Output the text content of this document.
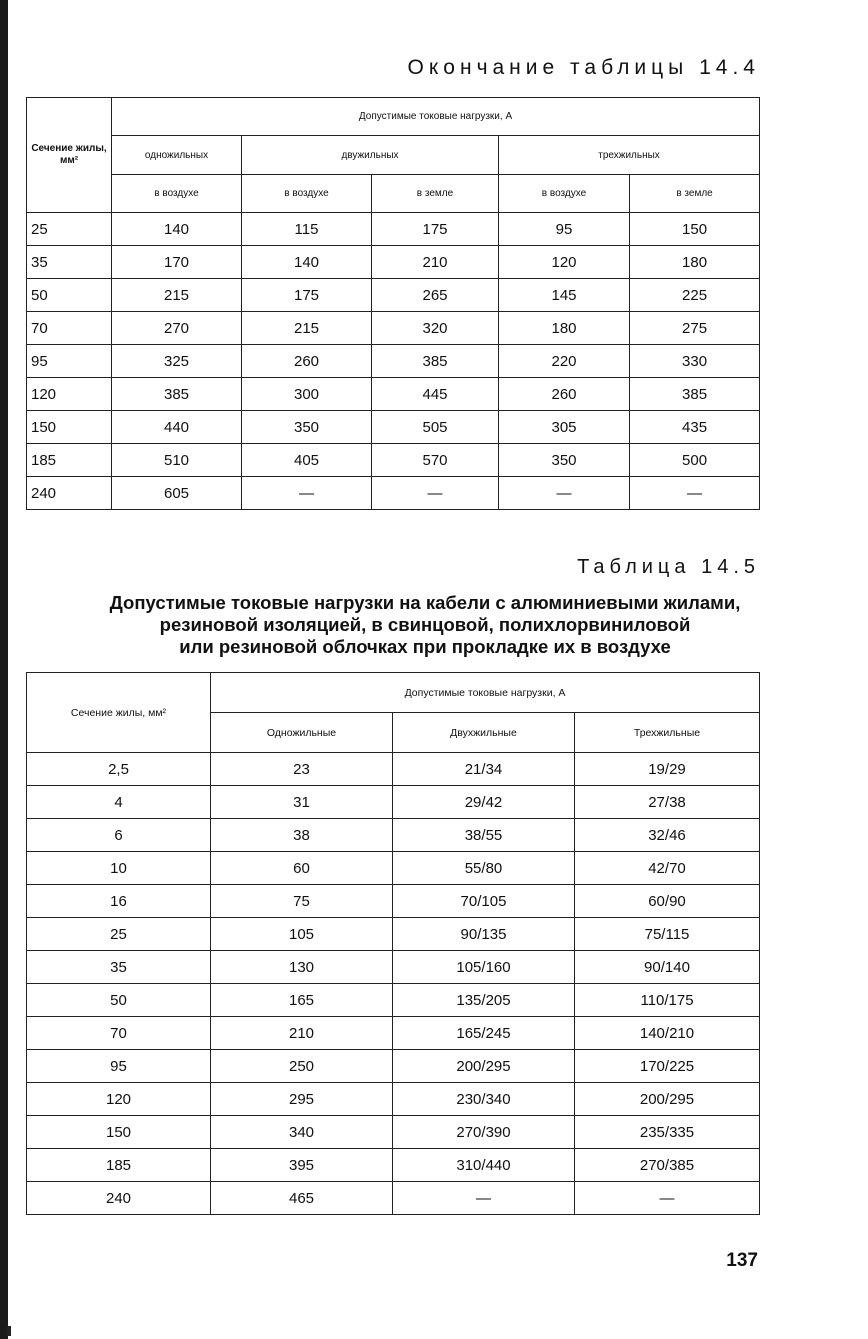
Окончание таблицы 14.4
Сечение жилы, мм²	Допустимые токовые нагрузки, А				
	одножильных	двужильных		трехжильных	
	в воздухе	в воздухе	в земле	в воздухе	в земле
25	140	115	175	95	150
35	170	140	210	120	180
50	215	175	265	145	225
70	270	215	320	180	275
95	325	260	385	220	330
120	385	300	445	260	385
150	440	350	505	305	435
185	510	405	570	350	500
240	605	—	—	—	—
Таблица 14.5
Допустимые токовые нагрузки на кабели с алюминиевыми жилами,
резиновой изоляцией, в свинцовой, полихлорвиниловой
или резиновой облочках при прокладке их в воздухе
Сечение жилы, мм²	Допустимые токовые нагрузки, А		
	Одножильные	Двухжильные	Трехжильные
2,5	23	21/34	19/29
4	31	29/42	27/38
6	38	38/55	32/46
10	60	55/80	42/70
16	75	70/105	60/90
25	105	90/135	75/115
35	130	105/160	90/140
50	165	135/205	110/175
70	210	165/245	140/210
95	250	200/295	170/225
120	295	230/340	200/295
150	340	270/390	235/335
185	395	310/440	270/385
240	465	—	—
137
